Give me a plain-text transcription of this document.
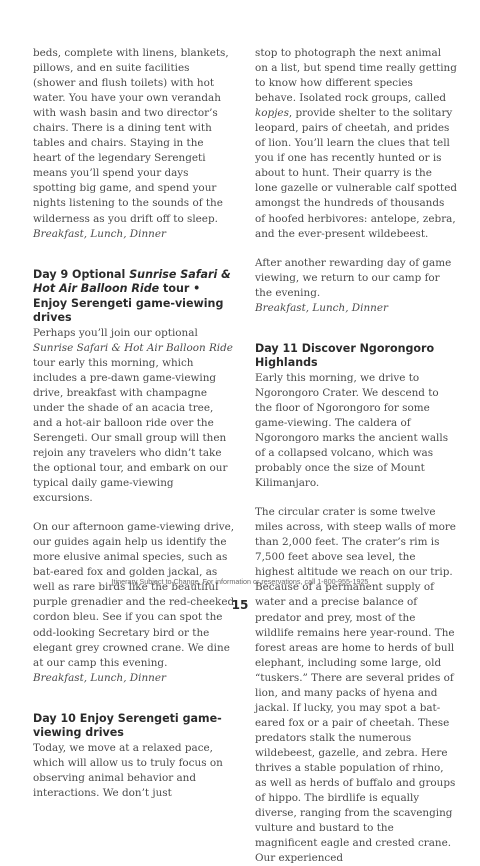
beds, complete with linens, blankets, pillows, and en suite facilities (shower and flush toilets) with hot water. You have your own verandah with wash basin and two director’s chairs. There is a dining tent with tables and chairs. Staying in the heart of the legendary Serengeti means you’ll spend your days spotting big game, and spend your nights listening to the sounds of the wilderness as you drift off to sleep.

Breakfast, Lunch, Dinner

Day 9 Optional Sunrise Safari & Hot Air Balloon Ride tour • Enjoy Serengeti game-viewing drives

Perhaps you’ll join our optional Sunrise Safari & Hot Air Balloon Ride tour early this morning, which includes a pre-dawn game-viewing drive, breakfast with champagne under the shade of an acacia tree, and a hot-air balloon ride over the Serengeti. Our small group will then rejoin any travelers who didn’t take the optional tour, and embark on our typical daily game-viewing excursions.

On our afternoon game-viewing drive, our guides again help us identify the more elusive animal species, such as bat-eared fox and golden jackal, as well as rare birds like the beautiful purple grenadier and the red-cheeked cordon bleu. See if you can spot the odd-looking Secretary bird or the elegant grey crowned crane. We dine at our camp this evening.

Breakfast, Lunch, Dinner

Day 10 Enjoy Serengeti game-viewing drives

Today, we move at a relaxed pace, which will allow us to truly focus on observing animal behavior and interactions. We don’t just

stop to photograph the next animal on a list, but spend time really getting to know how different species behave. Isolated rock groups, called kopjes, provide shelter to the solitary leopard, pairs of cheetah, and prides of lion. You’ll learn the clues that tell you if one has recently hunted or is about to hunt. Their quarry is the lone gazelle or vulnerable calf spotted amongst the hundreds of thousands of hoofed herbivores: antelope, zebra, and the ever-present wildebeest.

After another rewarding day of game viewing, we return to our camp for the evening.

Breakfast, Lunch, Dinner

Day 11 Discover Ngorongoro Highlands

Early this morning, we drive to Ngorongoro Crater. We descend to the floor of Ngorongoro for some game-viewing. The caldera of Ngorongoro marks the ancient walls of a collapsed volcano, which was probably once the size of Mount Kilimanjaro.

The circular crater is some twelve miles across, with steep walls of more than 2,000 feet. The crater’s rim is 7,500 feet above sea level, the highest altitude we reach on our trip. Because of a permanent supply of water and a precise balance of predator and prey, most of the wildlife remains here year-round. The forest areas are home to herds of bull elephant, including some large, old “tuskers.” There are several prides of lion, and many packs of hyena and jackal. If lucky, you may spot a bat-eared fox or a pair of cheetah. These predators stalk the numerous wildebeest, gazelle, and zebra. Here thrives a stable population of rhino, as well as herds of buffalo and groups of hippo. The birdlife is equally diverse, ranging from the scavenging vulture and bustard to the magnificent eagle and crested crane. Our experienced

Itinerary Subject to Change. For information or reservations, call 1-800-955-1925
15
